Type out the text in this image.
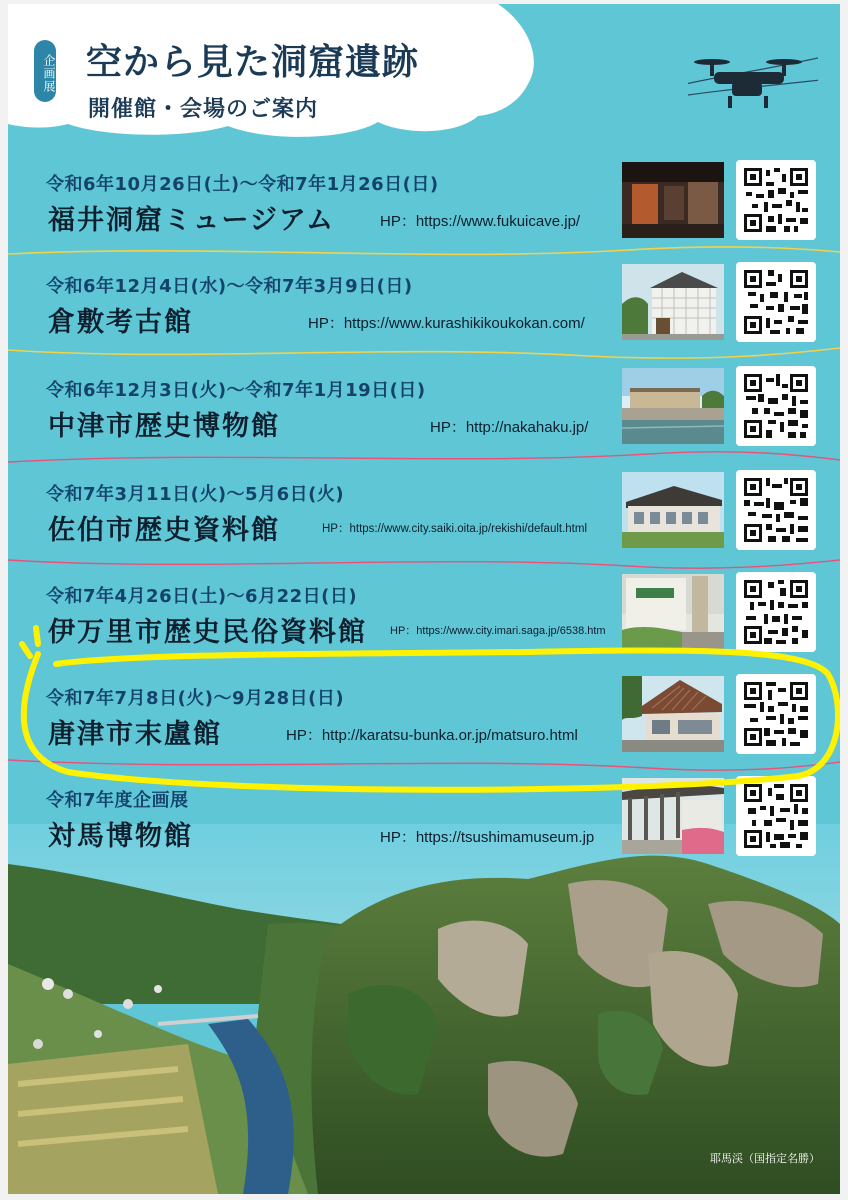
企画展 空から見た洞窟遺跡
開催館・会場のご案内
令和6年10月26日(土)〜令和7年1月26日(日)
福井洞窟ミュージアム	HP：https://www.fukuicave.jp/
令和6年12月4日(水)〜令和7年3月9日(日)
倉敷考古館	HP：https://www.kurashikikoukokan.com/
令和6年12月3日(火)〜令和7年1月19日(日)
中津市歴史博物館	HP：http://nakahaku.jp/
令和7年3月11日(火)〜5月6日(火)
佐伯市歴史資料館	HP：https://www.city.saiki.oita.jp/rekishi/default.html
令和7年4月26日(土)〜6月22日(日)
伊万里市歴史民俗資料館 HP：https://www.city.imari.saga.jp/6538.htm
令和7年7月8日(火)〜9月28日(日)
唐津市末盧館	HP：http://karatsu-bunka.or.jp/matsuro.html
令和7年度企画展
対馬博物館	HP：https://tsushimamuseum.jp
耶馬渓（国指定名勝）
